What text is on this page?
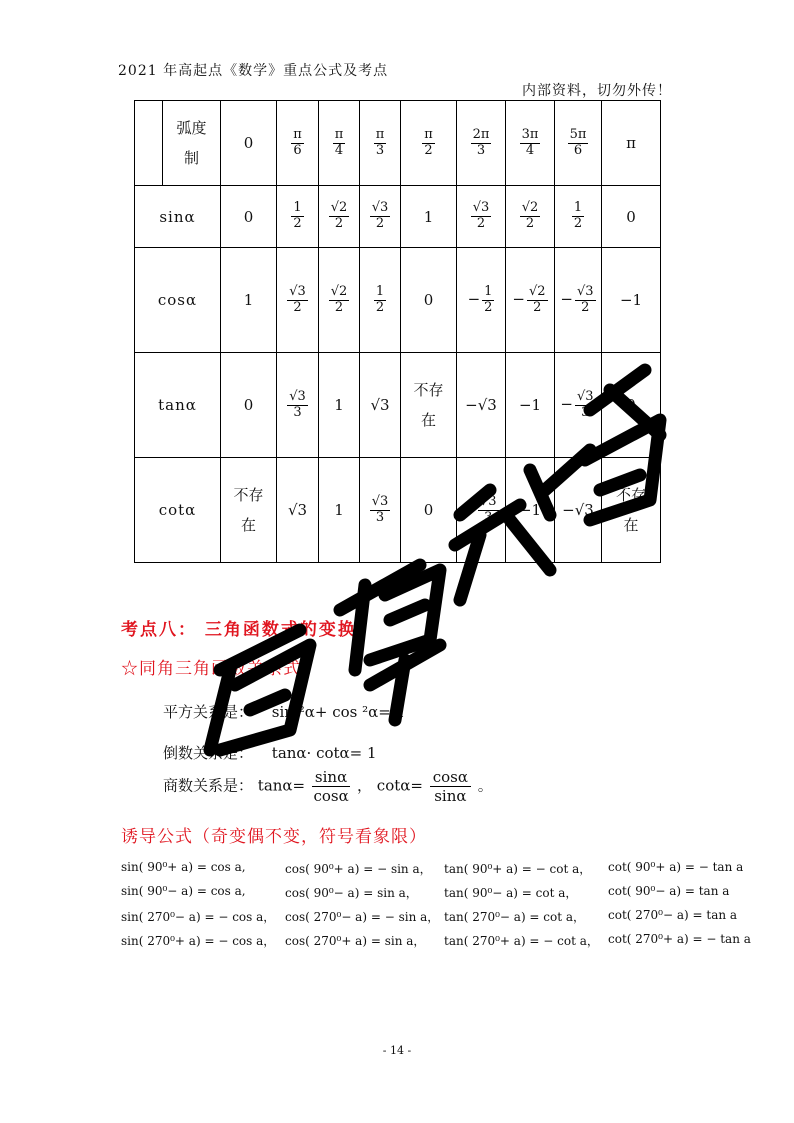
2021 年高起点《数学》重点公式及考点
内部资料，切勿外传！
	弧度制	0	$\frac{\pi}{6}$	$\frac{\pi}{4}$	$\frac{\pi}{3}$	$\frac{\pi}{2}$	$\frac{2\pi}{3}$	$\frac{3\pi}{4}$	$\frac{5\pi}{6}$	π
sinα		0	$\frac{1}{2}$	$\frac{√2}{2}$	$\frac{√3}{2}$	1	$\frac{√3}{2}$	$\frac{√2}{2}$	$\frac{1}{2}$	0
cosα		1	$\frac{√3}{2}$	$\frac{√2}{2}$	$\frac{1}{2}$	0	− $\frac{1}{2}$	− $\frac{√2}{2}$	− $\frac{√3}{2}$	−1
tanα		0	$\frac{√3}{3}$	1	√3	不存在	−√3	−1	− $\frac{√3}{3}$	0
cotα		不存在	√3	1	$\frac{√3}{3}$	0	− $\frac{√3}{3}$	−1	−√3	不存在
考点八： 三角函数式的变换
☆同角三角函数关系式
平方关系是： sin ²α+ cos ²α= 1
倒数关系是： tanα· cotα= 1
商数关系是： $\tan\alpha= \frac{\sin\alpha}{\cos\alpha}$ ， $\cot\alpha= \frac{\cos\alpha}{\sin\alpha}$ 。
诱导公式（奇变偶不变，符号看象限）
sin( 90⁰+ a) = cos a,	cos( 90⁰+ a) = − sin a，	tan( 90⁰+ a) = − cot a，	cot( 90⁰+ a) = − tan a
sin( 90⁰− a) = cos a,	cos( 90⁰− a) = sin a，	tan( 90⁰− a) = cot a，	cot( 90⁰− a) = tan a
sin( 270⁰− a) = − cos a， cos( 270⁰− a) = − sin a， tan( 270⁰− a) = cot a，	cot( 270⁰− a) = tan a
sin( 270⁰+ a) = − cos a， cos( 270⁰+ a) = sin a，	tan( 270⁰+ a) = − cot a， cot( 270⁰+ a) = − tan a
- 14 -
